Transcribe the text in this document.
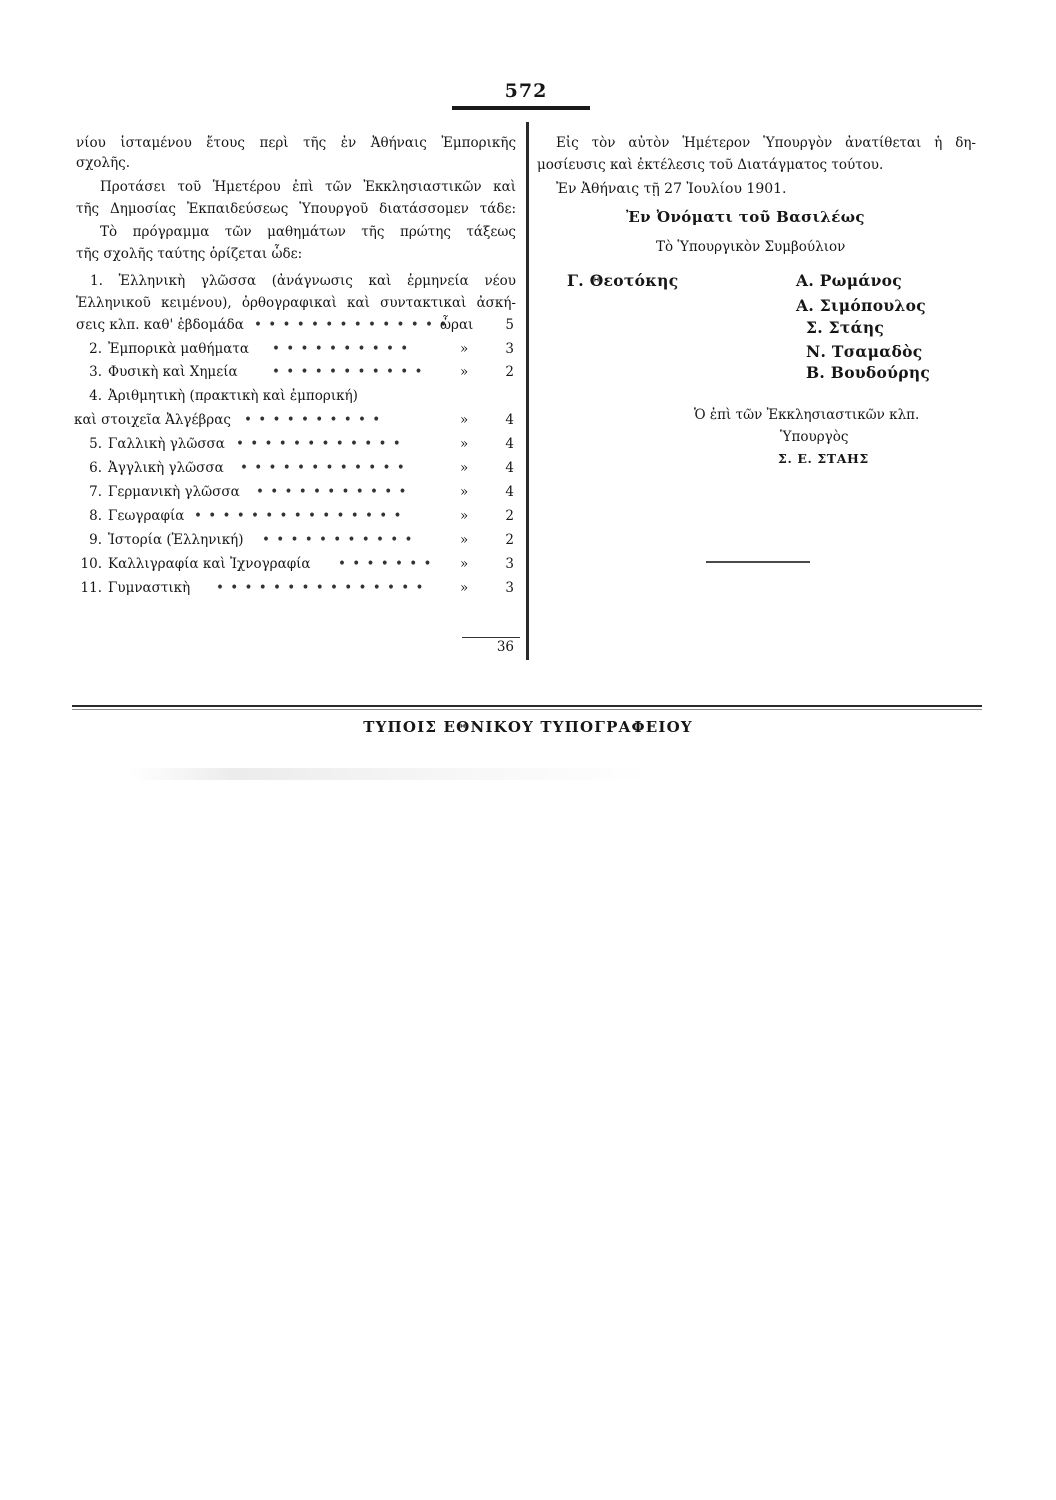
572
νίου ἱσταμένου ἔτους περὶ τῆς ἐν Ἀθήναις Ἐμπορικῆς
σχολῆς.
Προτάσει τοῦ Ἡμετέρου ἐπὶ τῶν Ἐκκλησιαστικῶν καὶ
τῆς Δημοσίας Ἐκπαιδεύσεως Ὑπουργοῦ διατάσσομεν τάδε:
Τὸ πρόγραμμα τῶν μαθημάτων τῆς πρώτης τάξεως
τῆς σχολῆς ταύτης ὁρίζεται ὧδε:
1. Ἑλληνικὴ γλῶσσα (ἀνάγνωσις καὶ ἑρμηνεία νέου
Ἑλληνικοῦ κειμένου), ὀρθογραφικαὶ καὶ συντακτικαὶ ἀσκή-
σεις κλπ. καθ' ἑβδομάδα • • • • • • • • • • • • • •
ὧραι	5
2. Ἐμπορικὰ μαθήματα • • • • • • • • • •	»	3
3. Φυσικὴ καὶ Χημεία	• • • • • • • • • • •	»	2
4. Ἀριθμητικὴ (πρακτικὴ καὶ ἐμπορική)
καὶ στοιχεῖα Ἀλγέβρας • • • • • • • • • •	»	4
5. Γαλλικὴ γλῶσσα • • • • • • • • • • • •	»	4
6. Ἀγγλικὴ γλῶσσα • • • • • • • • • • • •	»	4
7. Γερμανικὴ γλῶσσα • • • • • • • • • • •	»	4
8. Γεωγραφία • • • • • • • • • • • • • • •	»	2
9. Ἱστορία (Ἑλληνική) • • • • • • • • • • •	»	2
10. Καλλιγραφία καὶ Ἰχνογραφία • • • • • • •	»	3
11. Γυμναστικὴ • • • • • • • • • • • • • • •	»	3
36
Εἰς τὸν αὐτὸν Ἡμέτερον Ὑπουργὸν ἀνατίθεται ἡ δη-
μοσίευσις καὶ ἐκτέλεσις τοῦ Διατάγματος τούτου.
Ἐν Ἀθήναις τῇ 27 Ἰουλίου 1901.
Ἐν Ὀνόματι τοῦ Βασιλέως
Τὸ Ὑπουργικὸν Συμβούλιον
Γ. Θεοτόκης	Α. Ρωμάνος
Α. Σιμόπουλος
Σ. Στάης
Ν. Τσαμαδὸς
Β. Βουδούρης
Ὁ ἐπὶ τῶν Ἐκκλησιαστικῶν κλπ.
Ὑπουργὸς
Σ. Ε. ΣΤΑΗΣ
ΤΥΠΟΙΣ ΕΘΝΙΚΟΥ ΤΥΠΟΓΡΑΦΕΙΟΥ
